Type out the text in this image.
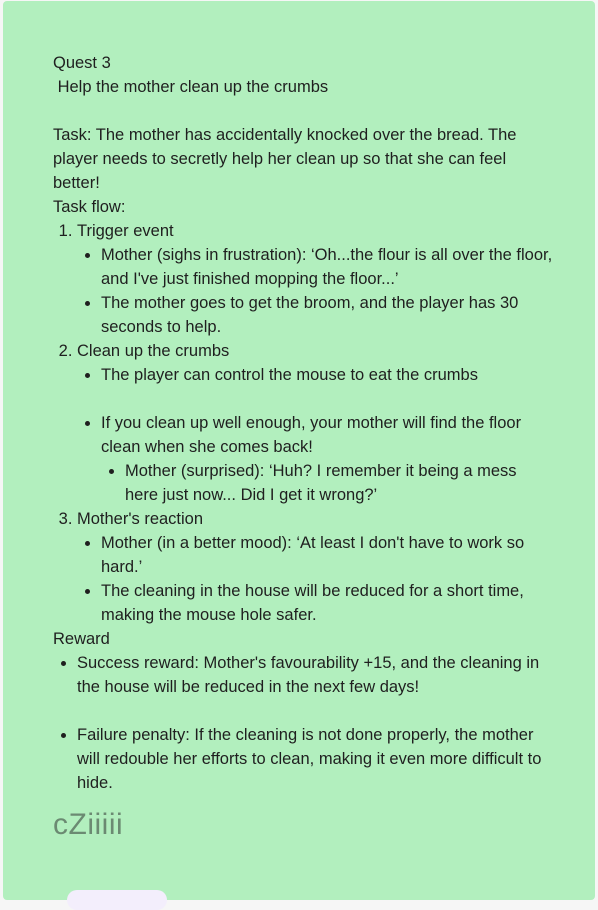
Quest 3

Help the mother clean up the crumbs

Task: The mother has accidentally knocked over the bread. The player needs to secretly help her clean up so that she can feel better!

Task flow:

1. Trigger event
• Mother (sighs in frustration): ‘Oh...the flour is all over the floor, and I've just finished mopping the floor...’
• The mother goes to get the broom, and the player has 30 seconds to help.
2. Clean up the crumbs
• The player can control the mouse to eat the crumbs
• If you clean up well enough, your mother will find the floor clean when she comes back!
• Mother (surprised): ‘Huh? I remember it being a mess here just now... Did I get it wrong?’
3. Mother's reaction
• Mother (in a better mood): ‘At least I don't have to work so hard.’
• The cleaning in the house will be reduced for a short time, making the mouse hole safer.

Reward

• Success reward: Mother's favourability +15, and the cleaning in the house will be reduced in the next few days!
• Failure penalty: If the cleaning is not done properly, the mother will redouble her efforts to clean, making it even more difficult to hide.
cZiiiii
